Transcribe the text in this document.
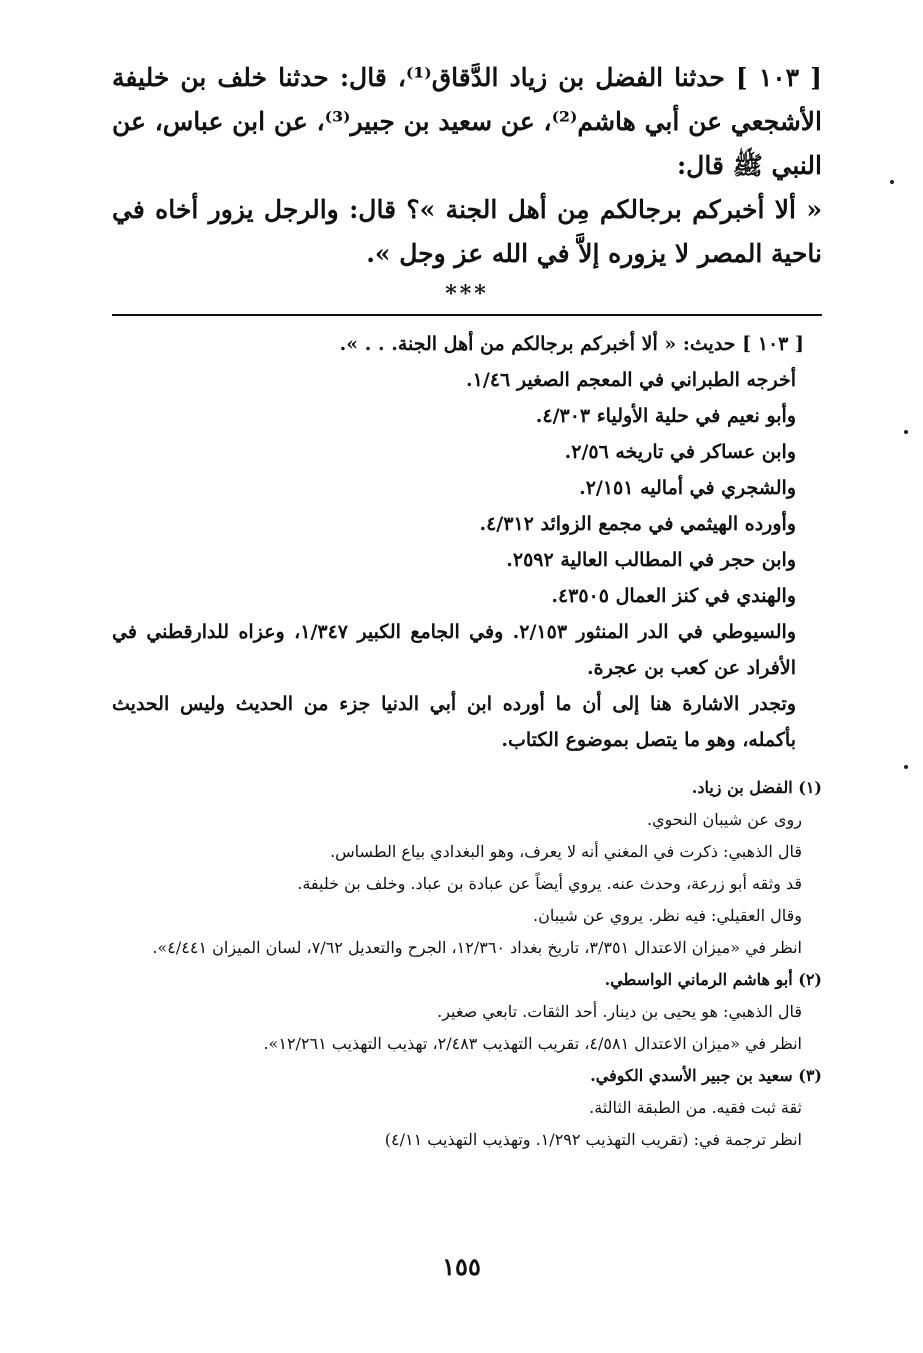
[ ١٠٣ ] حدثنا الفضل بن زياد الدَّقاق⁽¹⁾، قال: حدثنا خلف بن خليفة الأشجعي عن أبي هاشم⁽²⁾، عن سعيد بن جبير⁽³⁾، عن ابن عباس، عن النبي ﷺ قال:

« ألا أخبركم برجالكم مِن أهل الجنة »؟ قال: والرجل يزور أخاه في ناحية المصر لا يزوره إلاَّ في الله عز وجل ».

***

[ ١٠٣ ] حديث: « ألا أخبركم برجالكم من أهل الجنة. . . ».

أخرجه الطبراني في المعجم الصغير ١/٤٦.

وأبو نعيم في حلية الأولياء ٤/٣٠٣.

وابن عساكر في تاريخه ٢/٥٦.

والشجري في أماليه ٢/١٥١.

وأورده الهيثمي في مجمع الزوائد ٤/٣١٢.

وابن حجر في المطالب العالية ٢٥٩٢.

والهندي في كنز العمال ٤٣٥٠٥.

والسيوطي في الدر المنثور ٢/١٥٣. وفي الجامع الكبير ١/٣٤٧، وعزاه للدارقطني في الأفراد عن كعب بن عجرة.

وتجدر الاشارة هنا إلى أن ما أورده ابن أبي الدنيا جزء من الحديث وليس الحديث بأكمله، وهو ما يتصل بموضوع الكتاب.

(١) الفضل بن زياد.

روى عن شيبان النحوي.

قال الذهبي: ذكرت في المغني أنه لا يعرف، وهو البغدادي بياع الطساس.

قد وثقه أبو زرعة، وحدث عنه. يروي أيضاً عن عبادة بن عباد. وخلف بن خليفة.

وقال العقيلي: فيه نظر. يروي عن شيبان.

انظر في «ميزان الاعتدال ٣/٣٥١، تاريخ بغداد ١٢/٣٦٠، الجرح والتعديل ٧/٦٢، لسان الميزان ٤/٤٤١».

(٢) أبو هاشم الرماني الواسطي.

قال الذهبي: هو يحيى بن دينار. أحد الثقات. تابعي صغير.

انظر في «ميزان الاعتدال ٤/٥٨١، تقريب التهذيب ٢/٤٨٣، تهذيب التهذيب ١٢/٢٦١».

(٣) سعيد بن جبير الأسدي الكوفي.

ثقة ثبت فقيه. من الطبقة الثالثة.

انظر ترجمة في: (تقريب التهذيب ١/٢٩٢. وتهذيب التهذيب ٤/١١)

١٥٥
